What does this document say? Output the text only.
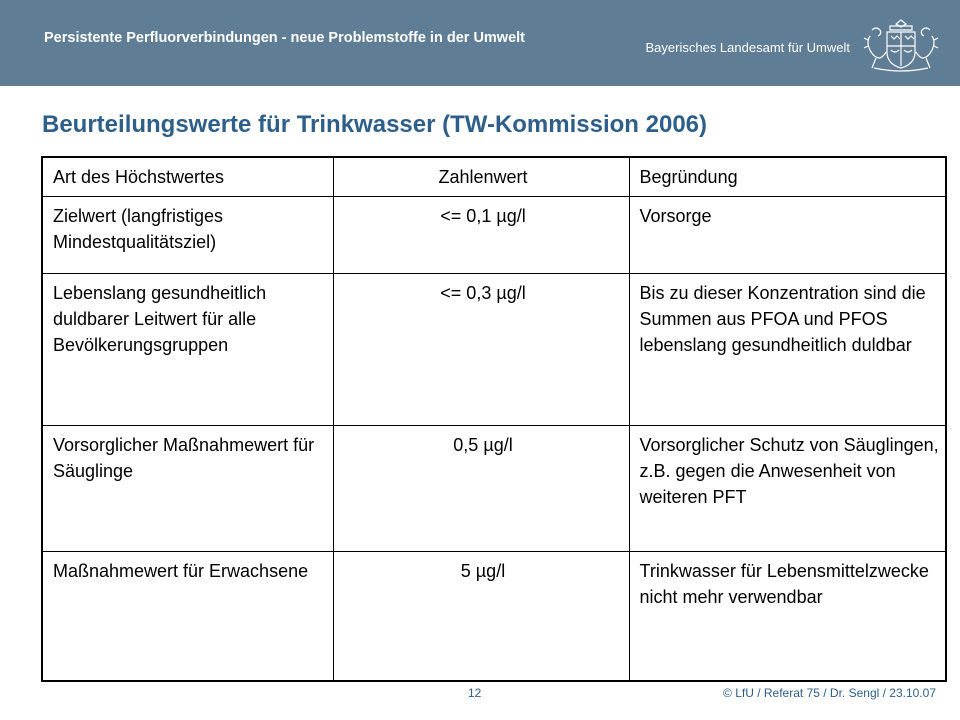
Persistente Perfluorverbindungen - neue Problemstoffe in der Umwelt
Bayerisches Landesamt für Umwelt
Beurteilungswerte für Trinkwasser (TW-Kommission 2006)
Art des Höchstwertes	Zahlenwert	Begründung
Zielwert (langfristiges Mindestqualitätsziel)	<= 0,1 µg/l	Vorsorge
Lebenslang gesundheitlich duldbarer Leitwert für alle Bevölkerungsgruppen	<= 0,3 µg/l	Bis zu dieser Konzentration sind die Summen aus PFOA und PFOS lebenslang gesundheitlich duldbar
Vorsorglicher Maßnahmewert für Säuglinge	0,5 µg/l	Vorsorglicher Schutz von Säuglingen, z.B. gegen die Anwesenheit von weiteren PFT
Maßnahmewert für Erwachsene	5 µg/l	Trinkwasser für Lebensmittelzwecke nicht mehr verwendbar
12	© LfU / Referat 75 / Dr. Sengl / 23.10.07
